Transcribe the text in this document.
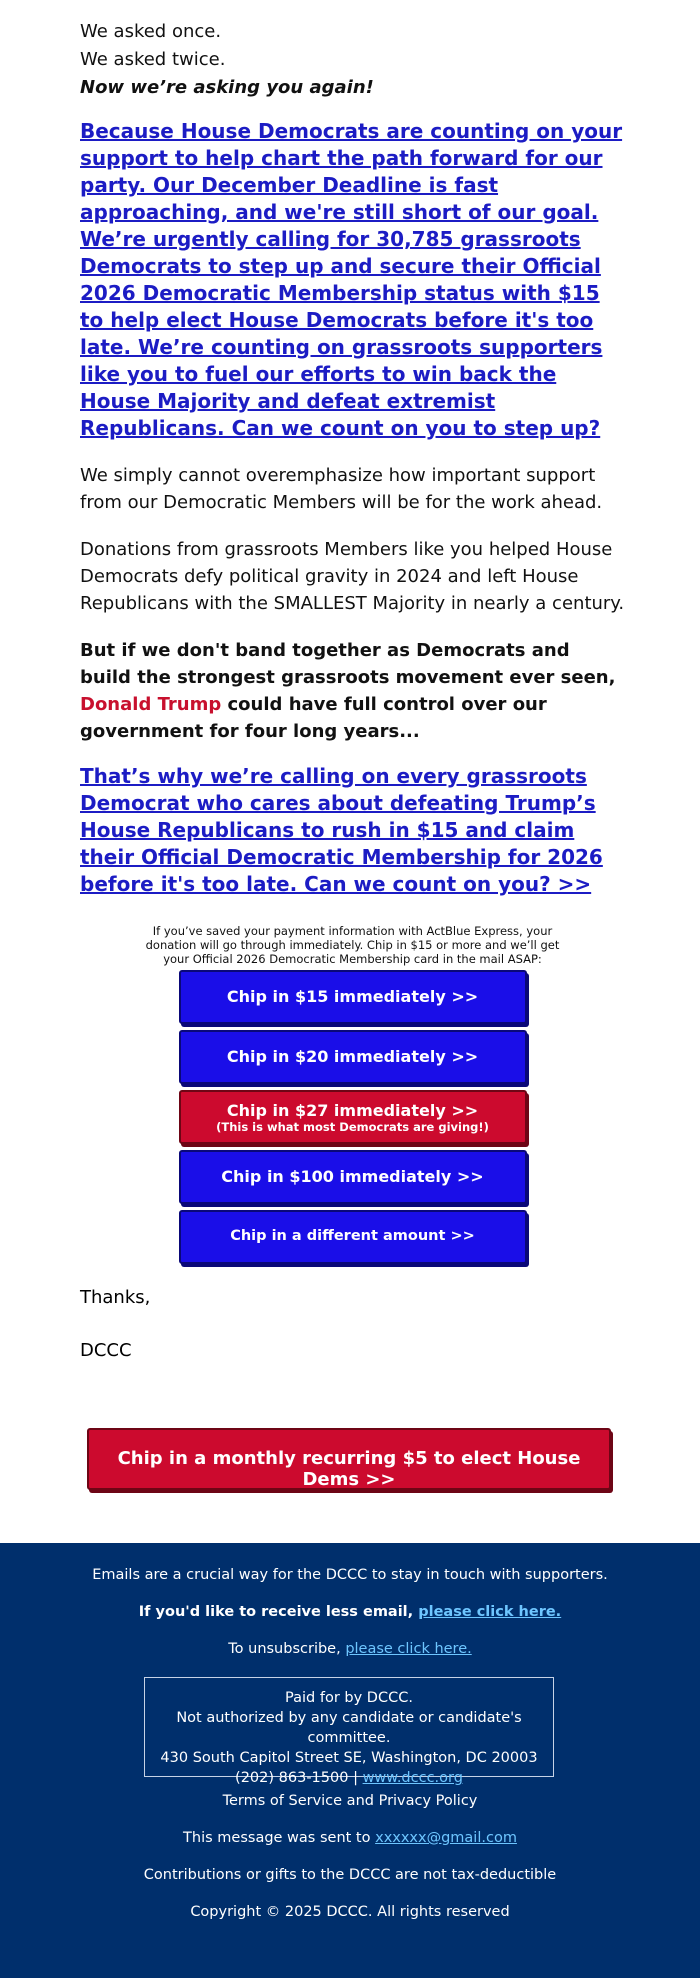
We asked once.

We asked twice.

Now we’re asking you again!

Because House Democrats are counting on your support to help chart the path forward for our party. Our December Deadline is fast approaching, and we're still short of our goal. We’re urgently calling for 30,785 grassroots Democrats to step up and secure their Official 2026 Democratic Membership status with $15 to help elect House Democrats before it's too late. We’re counting on grassroots supporters like you to fuel our efforts to win back the House Majority and defeat extremist Republicans. Can we count on you to step up?

We simply cannot overemphasize how important support from our Democratic Members will be for the work ahead.

Donations from grassroots Members like you helped House Democrats defy political gravity in 2024 and left House Republicans with the SMALLEST Majority in nearly a century.

But if we don't band together as Democrats and build the strongest grassroots movement ever seen, Donald Trump could have full control over our government for four long years...

That’s why we’re calling on every grassroots Democrat who cares about defeating Trump’s House Republicans to rush in $15 and claim their Official Democratic Membership for 2026 before it's too late. Can we count on you? >>

If you’ve saved your payment information with ActBlue Express, your donation will go through immediately. Chip in $15 or more and we’ll get your Official 2026 Democratic Membership card in the mail ASAP:

Chip in $15 immediately >>
Chip in $20 immediately >>
Chip in $27 immediately >>
(This is what most Democrats are giving!)
Chip in $100 immediately >>
Chip in a different amount >>

Thanks,

DCCC

Chip in a monthly recurring $5 to elect House Dems >>

Emails are a crucial way for the DCCC to stay in touch with supporters.

If you'd like to receive less email, please click here.

To unsubscribe, please click here.

Paid for by DCCC.

Not authorized by any candidate or candidate's committee.

430 South Capitol Street SE, Washington, DC 20003

(202) 863-1500 | www.dccc.org

Terms of Service and Privacy Policy

This message was sent to xxxxxx@gmail.com

Contributions or gifts to the DCCC are not tax-deductible

Copyright © 2025 DCCC. All rights reserved
